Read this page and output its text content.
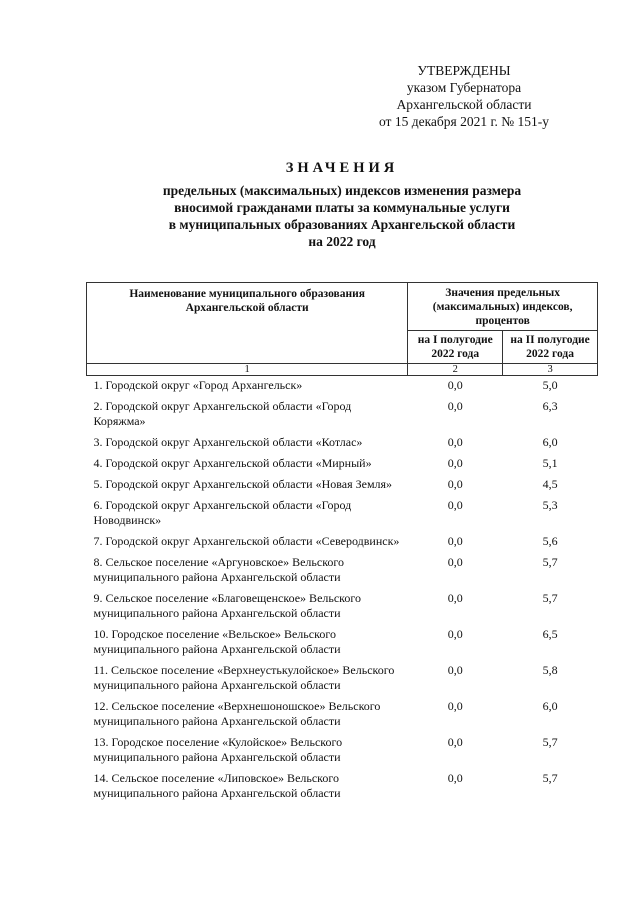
УТВЕРЖДЕНЫ
указом Губернатора
Архангельской области
от 15 декабря 2021 г. № 151-у
ЗНАЧЕНИЯ
предельных (максимальных) индексов изменения размера
вносимой гражданами платы за коммунальные услуги
в муниципальных образованиях Архангельской области
на 2022 год
Наименование муниципального образования Архангельской области	Значения предельных (максимальных) индексов, процентов	
	на I полугодие 2022 года	на II полугодие 2022 года
1	2	3
1. Городской округ «Город Архангельск»	0,0	5,0
2. Городской округ Архангельской области «Город Коряжма»	0,0	6,3
3. Городской округ Архангельской области «Котлас»	0,0	6,0
4. Городской округ Архангельской области «Мирный»	0,0	5,1
5. Городской округ Архангельской области «Новая Земля»	0,0	4,5
6. Городской округ Архангельской области «Город Новодвинск»	0,0	5,3
7. Городской округ Архангельской области «Северодвинск»	0,0	5,6
8. Сельское поселение «Аргуновское» Вельского муниципального района Архангельской области	0,0	5,7
9. Сельское поселение «Благовещенское» Вельского муниципального района Архангельской области	0,0	5,7
10. Городское поселение «Вельское» Вельского муниципального района Архангельской области	0,0	6,5
11. Сельское поселение «Верхнеустькулойское» Вельского муниципального района Архангельской области	0,0	5,8
12. Сельское поселение «Верхнешоношское» Вельского муниципального района Архангельской области	0,0	6,0
13. Городское поселение «Кулойское» Вельского муниципального района Архангельской области	0,0	5,7
14. Сельское поселение «Липовское» Вельского муниципального района Архангельской области	0,0	5,7
